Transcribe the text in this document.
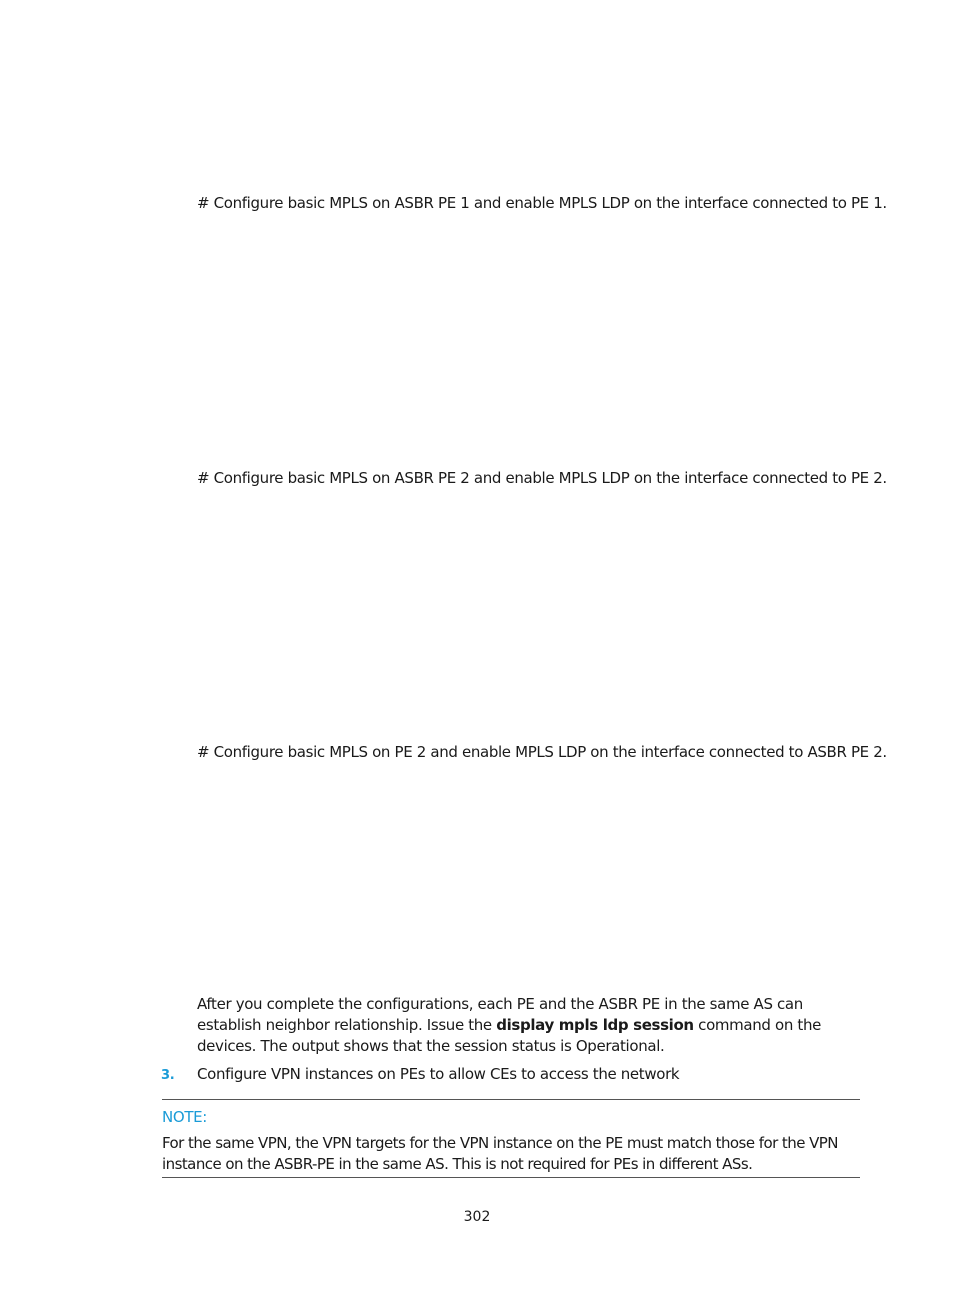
# Configure basic MPLS on ASBR PE 1 and enable MPLS LDP on the interface connected to PE 1.
# Configure basic MPLS on ASBR PE 2 and enable MPLS LDP on the interface connected to PE 2.
# Configure basic MPLS on PE 2 and enable MPLS LDP on the interface connected to ASBR PE 2.
After you complete the configurations, each PE and the ASBR PE in the same AS can establish neighbor relationship. Issue the display mpls ldp session command on the devices. The output shows that the session status is Operational.
3. Configure VPN instances on PEs to allow CEs to access the network
NOTE:
For the same VPN, the VPN targets for the VPN instance on the PE must match those for the VPN instance on the ASBR-PE in the same AS. This is not required for PEs in different ASs.
302
